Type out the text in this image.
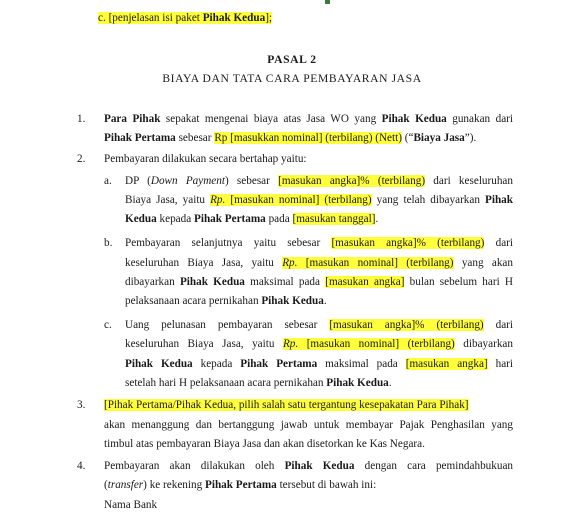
c. [penjelasan isi paket Pihak Kedua];
PASAL 2
BIAYA DAN TATA CARA PEMBAYARAN JASA
1. Para Pihak sepakat mengenai biaya atas Jasa WO yang Pihak Kedua gunakan dari
Pihak Pertama sebesar Rp [masukkan nominal] (terbilang) (Nett) (“Biaya Jasa”).
2. Pembayaran dilakukan secara bertahap yaitu:
a. DP (Down Payment) sebesar [masukan angka]% (terbilang) dari keseluruhan
Biaya Jasa, yaitu Rp. [masukan nominal] (terbilang) yang telah dibayarkan Pihak
Kedua kepada Pihak Pertama pada [masukan tanggal].
b. Pembayaran selanjutnya yaitu sebesar [masukan angka]% (terbilang) dari
keseluruhan Biaya Jasa, yaitu Rp. [masukan nominal] (terbilang) yang akan
dibayarkan Pihak Kedua maksimal pada [masukan angka] bulan sebelum hari H
pelaksanaan acara pernikahan Pihak Kedua.
c. Uang pelunasan pembayaran sebesar [masukan angka]% (terbilang) dari
keseluruhan Biaya Jasa, yaitu Rp. [masukan nominal] (terbilang) dibayarkan
Pihak Kedua kepada Pihak Pertama maksimal pada [masukan angka] hari
setelah hari H pelaksanaan acara pernikahan Pihak Kedua.
3. [Pihak Pertama/Pihak Kedua, pilih salah satu tergantung kesepakatan Para Pihak]
akan menanggung dan bertanggung jawab untuk membayar Pajak Penghasilan yang
timbul atas pembayaran Biaya Jasa dan akan disetorkan ke Kas Negara.
4. Pembayaran akan dilakukan oleh Pihak Kedua dengan cara pemindahbukuan
(transfer) ke rekening Pihak Pertama tersebut di bawah ini:
Nama Bank
